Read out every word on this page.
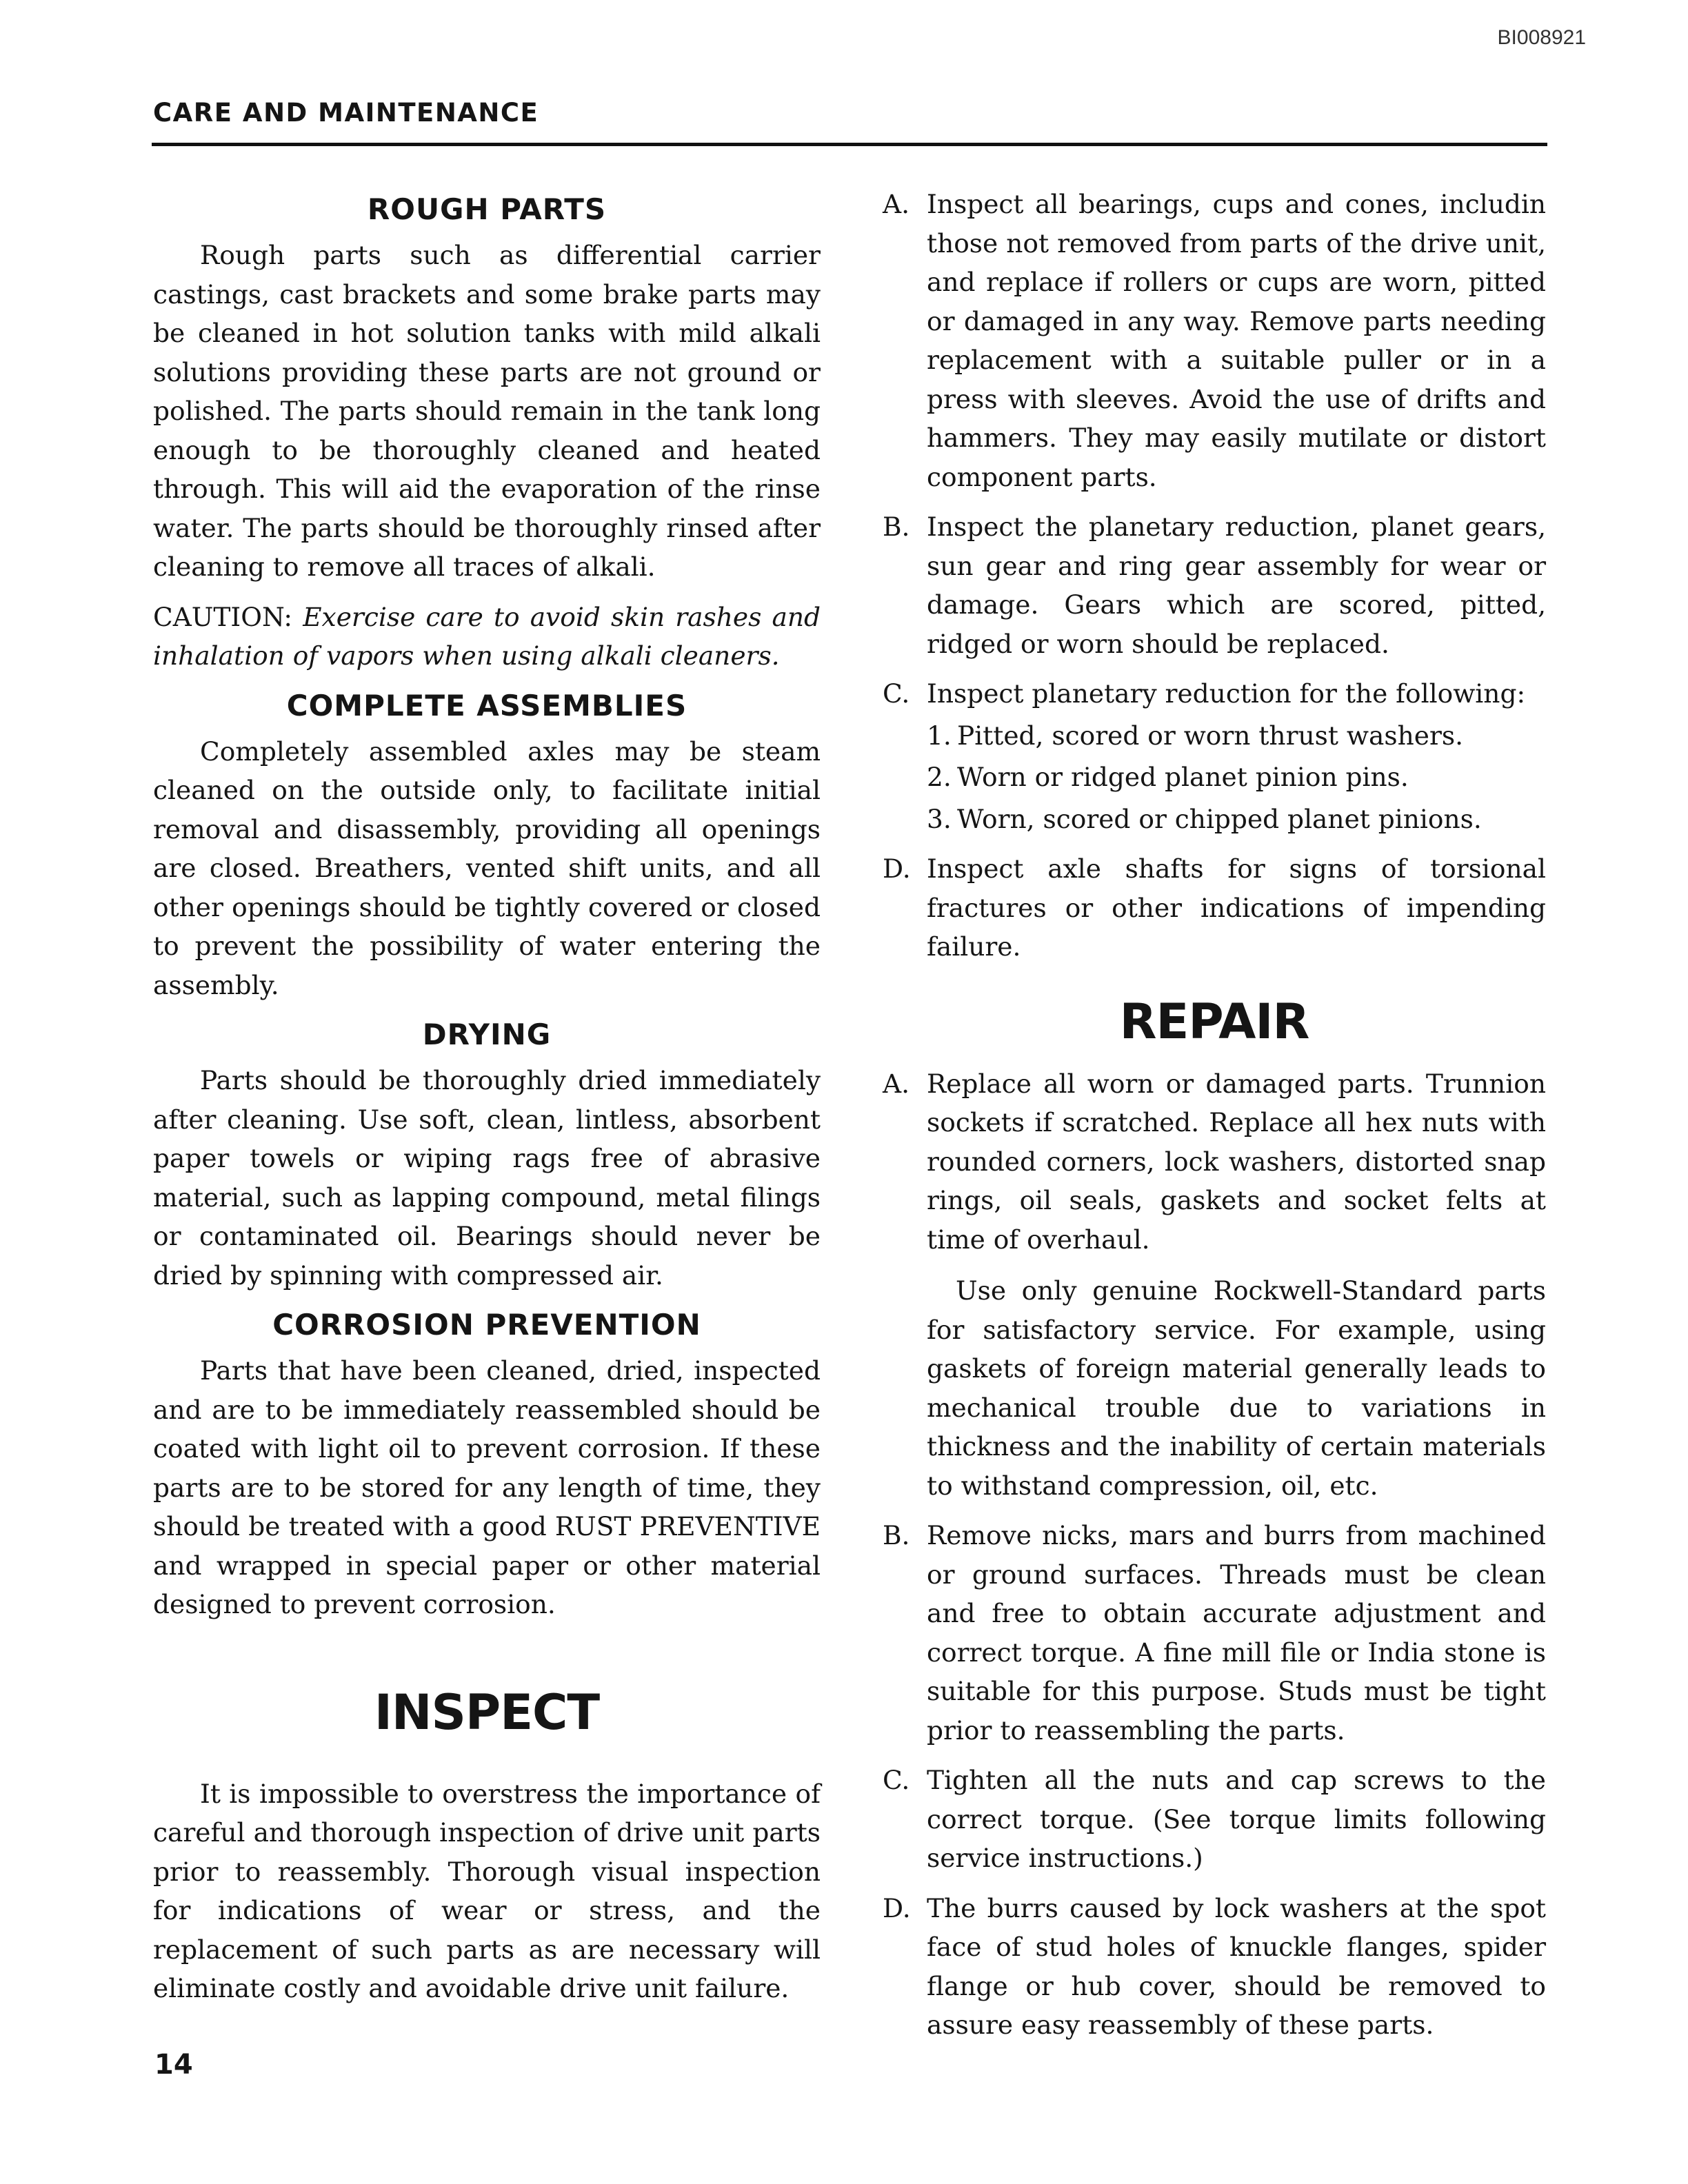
BI008921
CARE AND MAINTENANCE
ROUGH PARTS

Rough parts such as differential carrier castings, cast brackets and some brake parts may be cleaned in hot solution tanks with mild alkali solutions providing these parts are not ground or polished. The parts should remain in the tank long enough to be thoroughly cleaned and heated through. This will aid the evaporation of the rinse water. The parts should be thoroughly rinsed after cleaning to remove all traces of alkali.

CAUTION: Exercise care to avoid skin rashes and inhalation of vapors when using alkali cleaners.

COMPLETE ASSEMBLIES

Completely assembled axles may be steam cleaned on the outside only, to facilitate initial removal and disassembly, providing all openings are closed. Breathers, vented shift units, and all other openings should be tightly covered or closed to prevent the possibility of water entering the assembly.

DRYING

Parts should be thoroughly dried immediately after cleaning. Use soft, clean, lintless, absorbent paper towels or wiping rags free of abrasive material, such as lapping compound, metal filings or contaminated oil. Bearings should never be dried by spinning with compressed air.

CORROSION PREVENTION

Parts that have been cleaned, dried, inspected and are to be immediately reassembled should be coated with light oil to prevent corrosion. If these parts are to be stored for any length of time, they should be treated with a good RUST PREVENTIVE and wrapped in special paper or other material designed to prevent corrosion.

INSPECT

It is impossible to overstress the importance of careful and thorough inspection of drive unit parts prior to reassembly. Thorough visual inspection for indications of wear or stress, and the replacement of such parts as are necessary will eliminate costly and avoidable drive unit failure.

A. Inspect all bearings, cups and cones, includin those not removed from parts of the drive unit, and replace if rollers or cups are worn, pitted or damaged in any way. Remove parts needing replacement with a suitable puller or in a press with sleeves. Avoid the use of drifts and hammers. They may easily mutilate or distort component parts.
B. Inspect the planetary reduction, planet gears, sun gear and ring gear assembly for wear or damage. Gears which are scored, pitted, ridged or worn should be replaced.
C. Inspect planetary reduction for the following:
1. Pitted, scored or worn thrust washers.
2. Worn or ridged planet pinion pins.
3. Worn, scored or chipped planet pinions.
D. Inspect axle shafts for signs of torsional fractures or other indications of impending failure.
REPAIR
A. Replace all worn or damaged parts. Trunnion sockets if scratched. Replace all hex nuts with rounded corners, lock washers, distorted snap rings, oil seals, gaskets and socket felts at time of overhaul.

Use only genuine Rockwell-Standard parts for satisfactory service. For example, using gaskets of foreign material generally leads to mechanical trouble due to variations in thickness and the inability of certain materials to withstand compression, oil, etc.

B. Remove nicks, mars and burrs from machined or ground surfaces. Threads must be clean and free to obtain accurate adjustment and correct torque. A fine mill file or India stone is suitable for this purpose. Studs must be tight prior to reassembling the parts.
C. Tighten all the nuts and cap screws to the correct torque. (See torque limits following service instructions.)
D. The burrs caused by lock washers at the spot face of stud holes of knuckle flanges, spider flange or hub cover, should be removed to assure easy reassembly of these parts.
14
